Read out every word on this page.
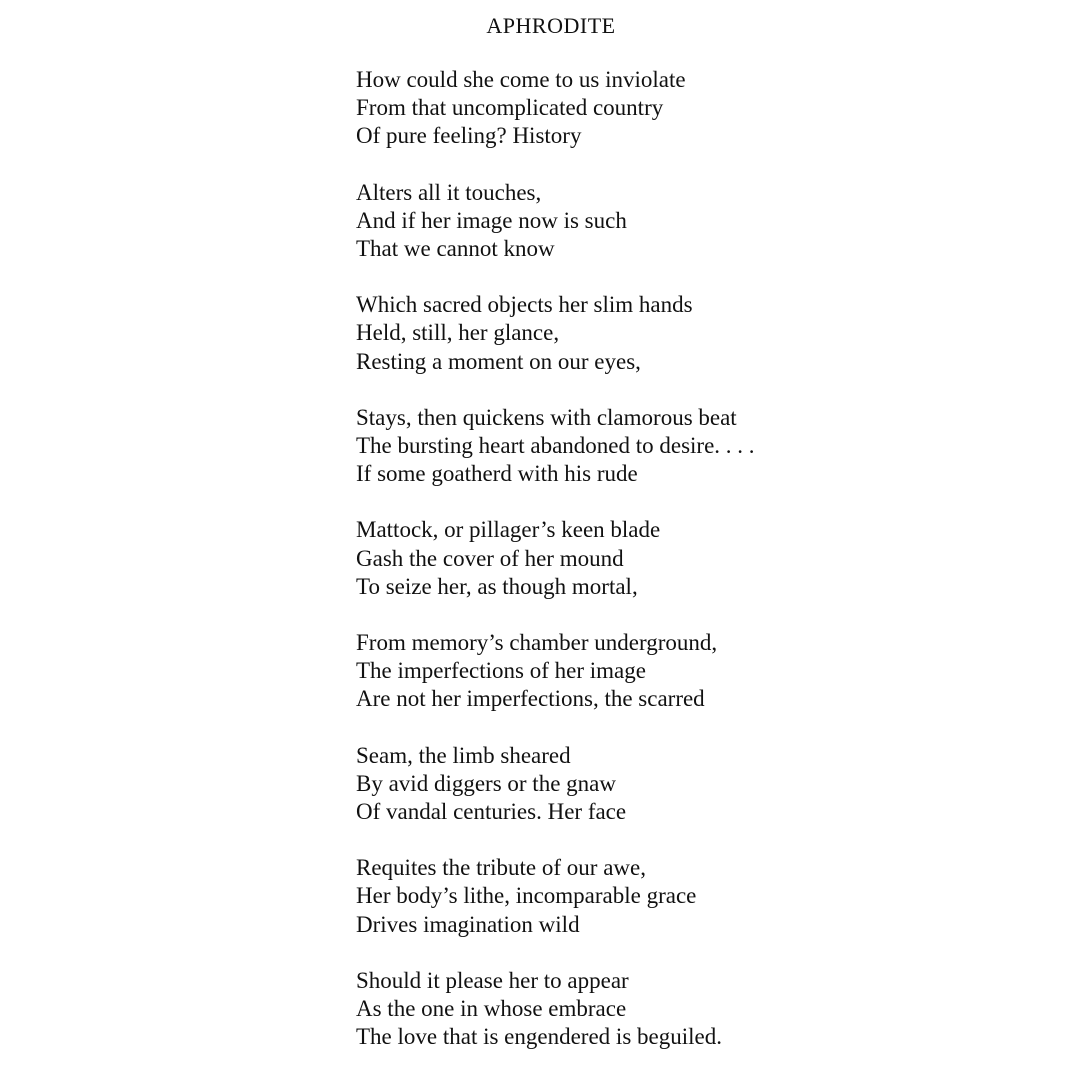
APHRODITE
How could she come to us inviolate
From that uncomplicated country
Of pure feeling? History
Alters all it touches,
And if her image now is such
That we cannot know
Which sacred objects her slim hands
Held, still, her glance,
Resting a moment on our eyes,
Stays, then quickens with clamorous beat
The bursting heart abandoned to desire. . . .
If some goatherd with his rude
Mattock, or pillager’s keen blade
Gash the cover of her mound
To seize her, as though mortal,
From memory’s chamber underground,
The imperfections of her image
Are not her imperfections, the scarred
Seam, the limb sheared
By avid diggers or the gnaw
Of vandal centuries. Her face
Requites the tribute of our awe,
Her body’s lithe, incomparable grace
Drives imagination wild
Should it please her to appear
As the one in whose embrace
The love that is engendered is beguiled.
